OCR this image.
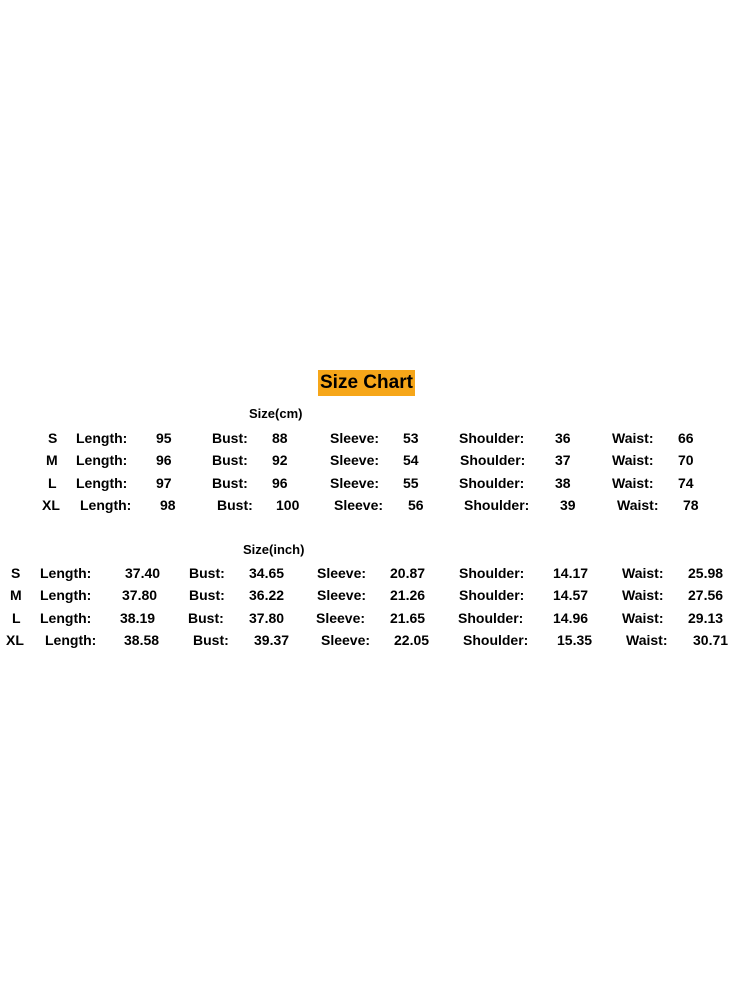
Size Chart
Size(cm)
S Length: 95	Bust: 88	Sleeve: 53	Shoulder: 36	Waist: 66
M Length: 96	Bust: 92	Sleeve: 54	Shoulder: 37	Waist: 70
L Length: 97	Bust: 96	Sleeve: 55	Shoulder: 38	Waist: 74
XL Length: 98	Bust: 100 Sleeve: 56	Shoulder: 39	Waist: 78
Size(inch)
S Length: 37.40 Bust: 34.65 Sleeve: 20.87 Shoulder: 14.17 Waist: 25.98
M Length: 37.80 Bust: 36.22 Sleeve: 21.26 Shoulder: 14.57 Waist: 27.56
L Length: 38.19 Bust: 37.80 Sleeve: 21.65 Shoulder: 14.96 Waist: 29.13
XL Length: 38.58 Bust: 39.37 Sleeve: 22.05 Shoulder: 15.35 Waist: 30.71
